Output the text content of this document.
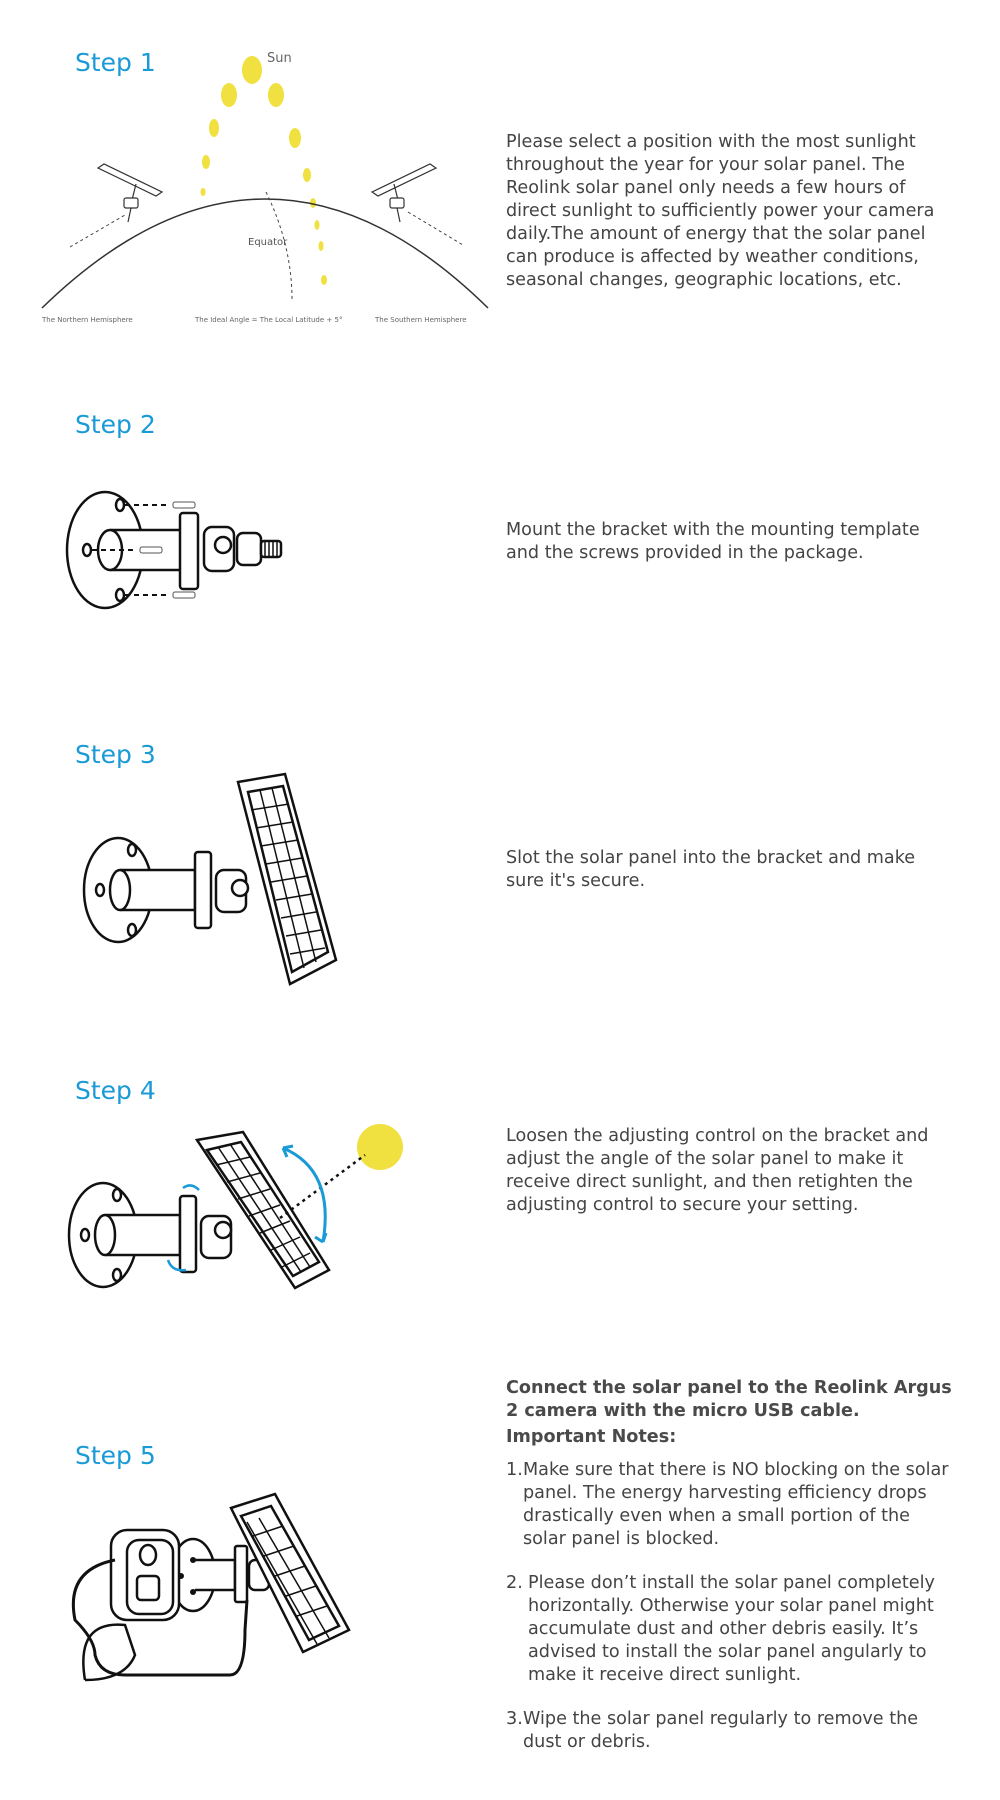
Step 1	Sun
Equator
The Northern Hemisphere	The Ideal Angle = The Local Latitude + 5°	The Southern Hemisphere

Please select a position with the most sunlight throughout the year for your solar panel. The Reolink solar panel only needs a few hours of direct sunlight to sufficiently power your camera daily.The amount of energy that the solar panel can produce is affected by weather conditions, seasonal changes, geographic locations, etc.

Step 2

Mount the bracket with the mounting template and the screws provided in the package.

Step 3

Slot the solar panel into the bracket and make sure it's secure.

Step 4

Loosen the adjusting control on the bracket and adjust the angle of the solar panel to make it receive direct sunlight, and then retighten the adjusting control to secure your setting.

Step 5
Connect the solar panel to the Reolink Argus 2 camera with the micro USB cable.
Important Notes:
1. Make sure that there is NO blocking on the solar panel. The energy harvesting efficiency drops drastically even when a small portion of the solar panel is blocked.
2. Please don’t install the solar panel completely horizontally. Otherwise your solar panel might accumulate dust and other debris easily. It’s advised to install the solar panel angularly to make it receive direct sunlight.
3. Wipe the solar panel regularly to remove the dust or debris.
